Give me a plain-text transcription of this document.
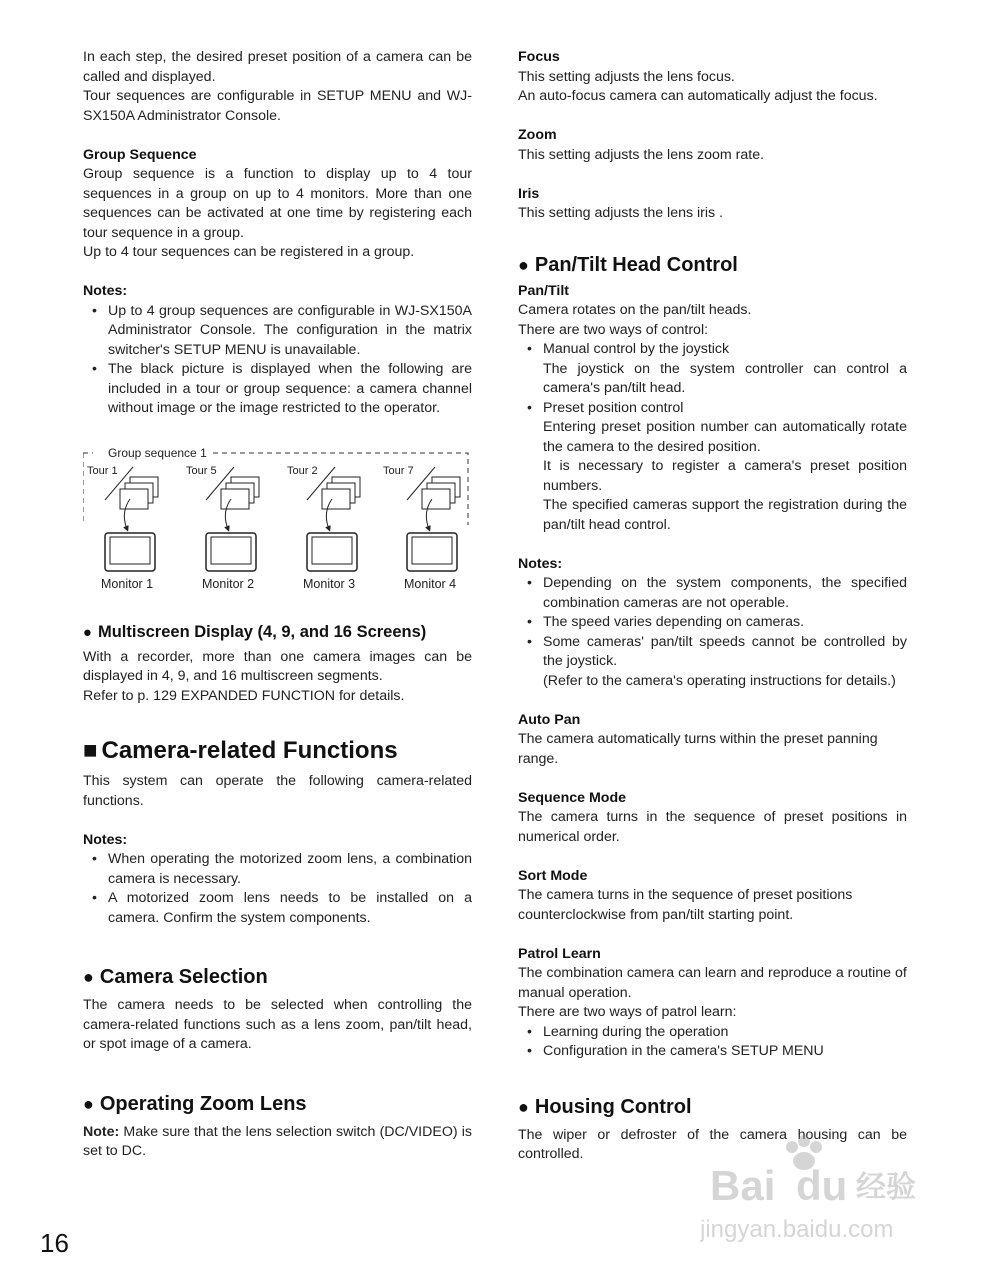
In each step, the desired preset position of a camera can be called and displayed.

Tour sequences are configurable in SETUP MENU and WJ-SX150A Administrator Console.

Group Sequence

Group sequence is a function to display up to 4 tour sequences in a group on up to 4 monitors. More than one sequences can be activated at one time by registering each tour sequence in a group.

Up to 4 tour sequences can be registered in a group.

Notes:

• Up to 4 group sequences are configurable in WJ-SX150A Administrator Console. The configuration in the matrix switcher's SETUP MENU is unavailable.
• The black picture is displayed when the following are included in a tour or group sequence: a camera channel without image or the image restricted to the operator.
Group sequence 1
Tour 1
Monitor 1
Tour 5
Monitor 2
Tour 2
Monitor 3
Tour 7
Monitor 4

● Multiscreen Display (4, 9, and 16 Screens)

With a recorder, more than one camera images can be displayed in 4, 9, and 16 multiscreen segments.

Refer to p. 129 EXPANDED FUNCTION for details.

■ Camera-related Functions

This system can operate the following camera-related functions.

Notes:

• When operating the motorized zoom lens, a combination camera is necessary.
• A motorized zoom lens needs to be installed on a camera. Confirm the system components.

● Camera Selection

The camera needs to be selected when controlling the camera-related functions such as a lens zoom, pan/tilt head, or spot image of a camera.

● Operating Zoom Lens

Note: Make sure that the lens selection switch (DC/VIDEO) is set to DC.

Focus

This setting adjusts the lens focus.

An auto-focus camera can automatically adjust the focus.

Zoom

This setting adjusts the lens zoom rate.

Iris

This setting adjusts the lens iris .

● Pan/Tilt Head Control

Pan/Tilt

Camera rotates on the pan/tilt heads.

There are two ways of control:

• Manual control by the joystick
The joystick on the system controller can control a camera's pan/tilt head.
• Preset position control
Entering preset position number can automatically rotate the camera to the desired position.
It is necessary to register a camera's preset position numbers.
The specified cameras support the registration during the pan/tilt head control.

Notes:

• Depending on the system components, the specified combination cameras are not operable.
• The speed varies depending on cameras.
• Some cameras' pan/tilt speeds cannot be controlled by the joystick.
(Refer to the camera's operating instructions for details.)

Auto Pan

The camera automatically turns within the preset panning range.

Sequence Mode

The camera turns in the sequence of preset positions in numerical order.

Sort Mode

The camera turns in the sequence of preset positions

counterclockwise from pan/tilt starting point.

Patrol Learn

The combination camera can learn and reproduce a routine of manual operation.

There are two ways of patrol learn:

• Learning during the operation
• Configuration in the camera's SETUP MENU

● Housing Control

The wiper or defroster of the camera housing can be controlled.

16
Bai du 经验
jingyan.baidu.com
